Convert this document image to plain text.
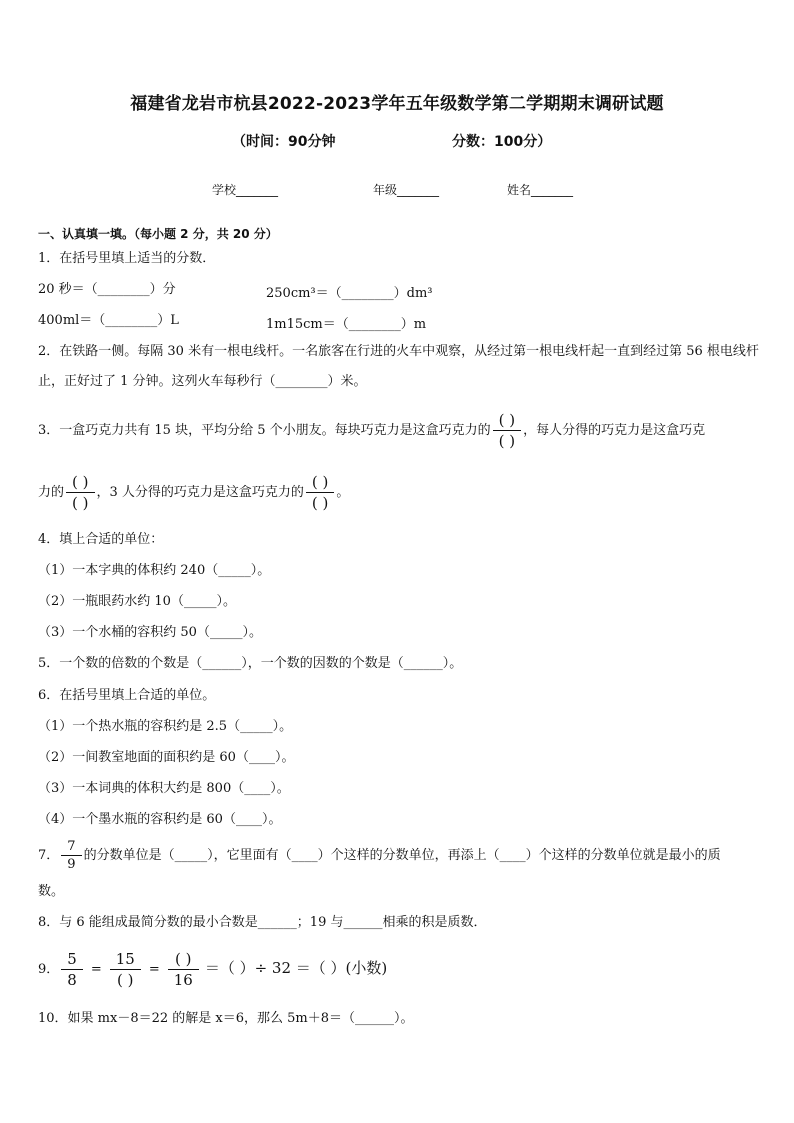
福建省龙岩市杭县2022-2023学年五年级数学第二学期期末调研试题
（时间：90分钟	分数：100分）
学校_______	年级_______	姓名_______
一、认真填一填。（每小题 2 分，共 20 分）
1．在括号里填上适当的分数．
20 秒＝（________）分	250cm³＝（________）dm³
400ml＝（________）L	1m15cm＝（________）m
2．在铁路一侧。每隔 30 米有一根电线杆。一名旅客在行进的火车中观察，从经过第一根电线杆起一直到经过第 56 根电线杆止，正好过了 1 分钟。这列火车每秒行（________）米。
3．一盒巧克力共有 15 块，平均分给 5 个小朋友。每块巧克力是这盒巧克力的 $\frac{( )}{( )}$ ，每人分得的巧克力是这盒巧克
力的 $\frac{( )}{( )}$ ，3 人分得的巧克力是这盒巧克力的 $\frac{( )}{( )}$ 。
4．填上合适的单位：
（1）一本字典的体积约 240（_____）。
（2）一瓶眼药水约 10（_____）。
（3）一个水桶的容积约 50（_____）。
5．一个数的倍数的个数是（______），一个数的因数的个数是（______）。
6．在括号里填上合适的单位。
（1）一个热水瓶的容积约是 2.5（_____）。
（2）一间教室地面的面积约是 60（____）。
（3）一本词典的体积大约是 800（____）。
（4）一个墨水瓶的容积约是 60（____）。
7． $\frac{7}{9}$ 的分数单位是（_____），它里面有（____）个这样的分数单位，再添上（____）个这样的分数单位就是最小的质
数。
8．与 6 能组成最简分数的最小合数是______；19 与______相乘的积是质数．
9． $\frac{5}{8} = \frac{15}{( )} = \frac{( )}{16}$ ＝（ ）÷ 32 ＝（ ）(小数)
10．如果 mx－8＝22 的解是 x＝6，那么 5m＋8＝（______）。
